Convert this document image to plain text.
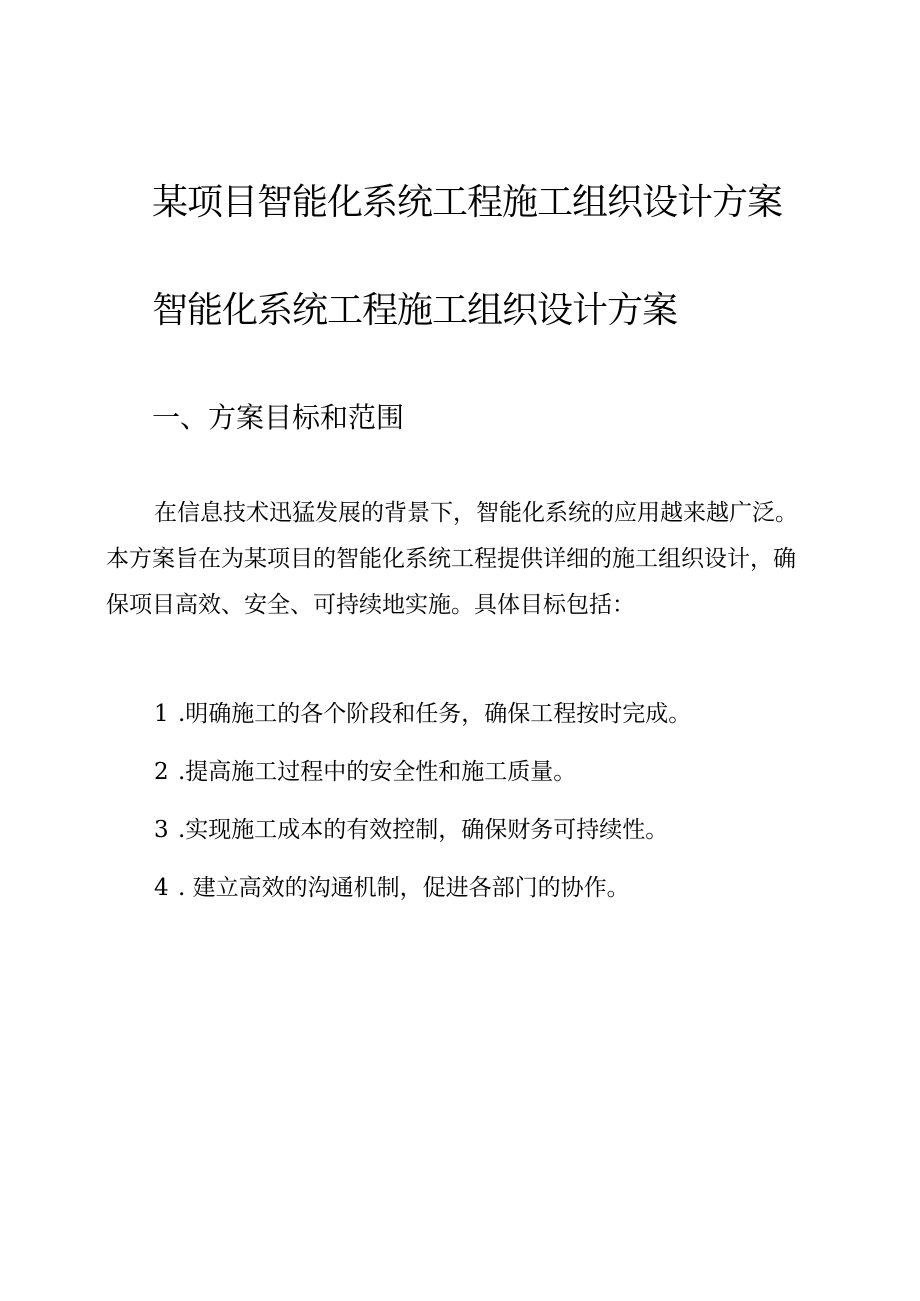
某项目智能化系统工程施工组织设计方案
智能化系统工程施工组织设计方案
一、方案目标和范围

在信息技术迅猛发展的背景下，智能化系统的应用越来越广泛。
本方案旨在为某项目的智能化系统工程提供详细的施工组织设计，确
保项目高效、安全、可持续地实施。具体目标包括：

1 .明确施工的各个阶段和任务，确保工程按时完成。
2 .提高施工过程中的安全性和施工质量。
3 .实现施工成本的有效控制，确保财务可持续性。
4 . 建立高效的沟通机制，促进各部门的协作。
